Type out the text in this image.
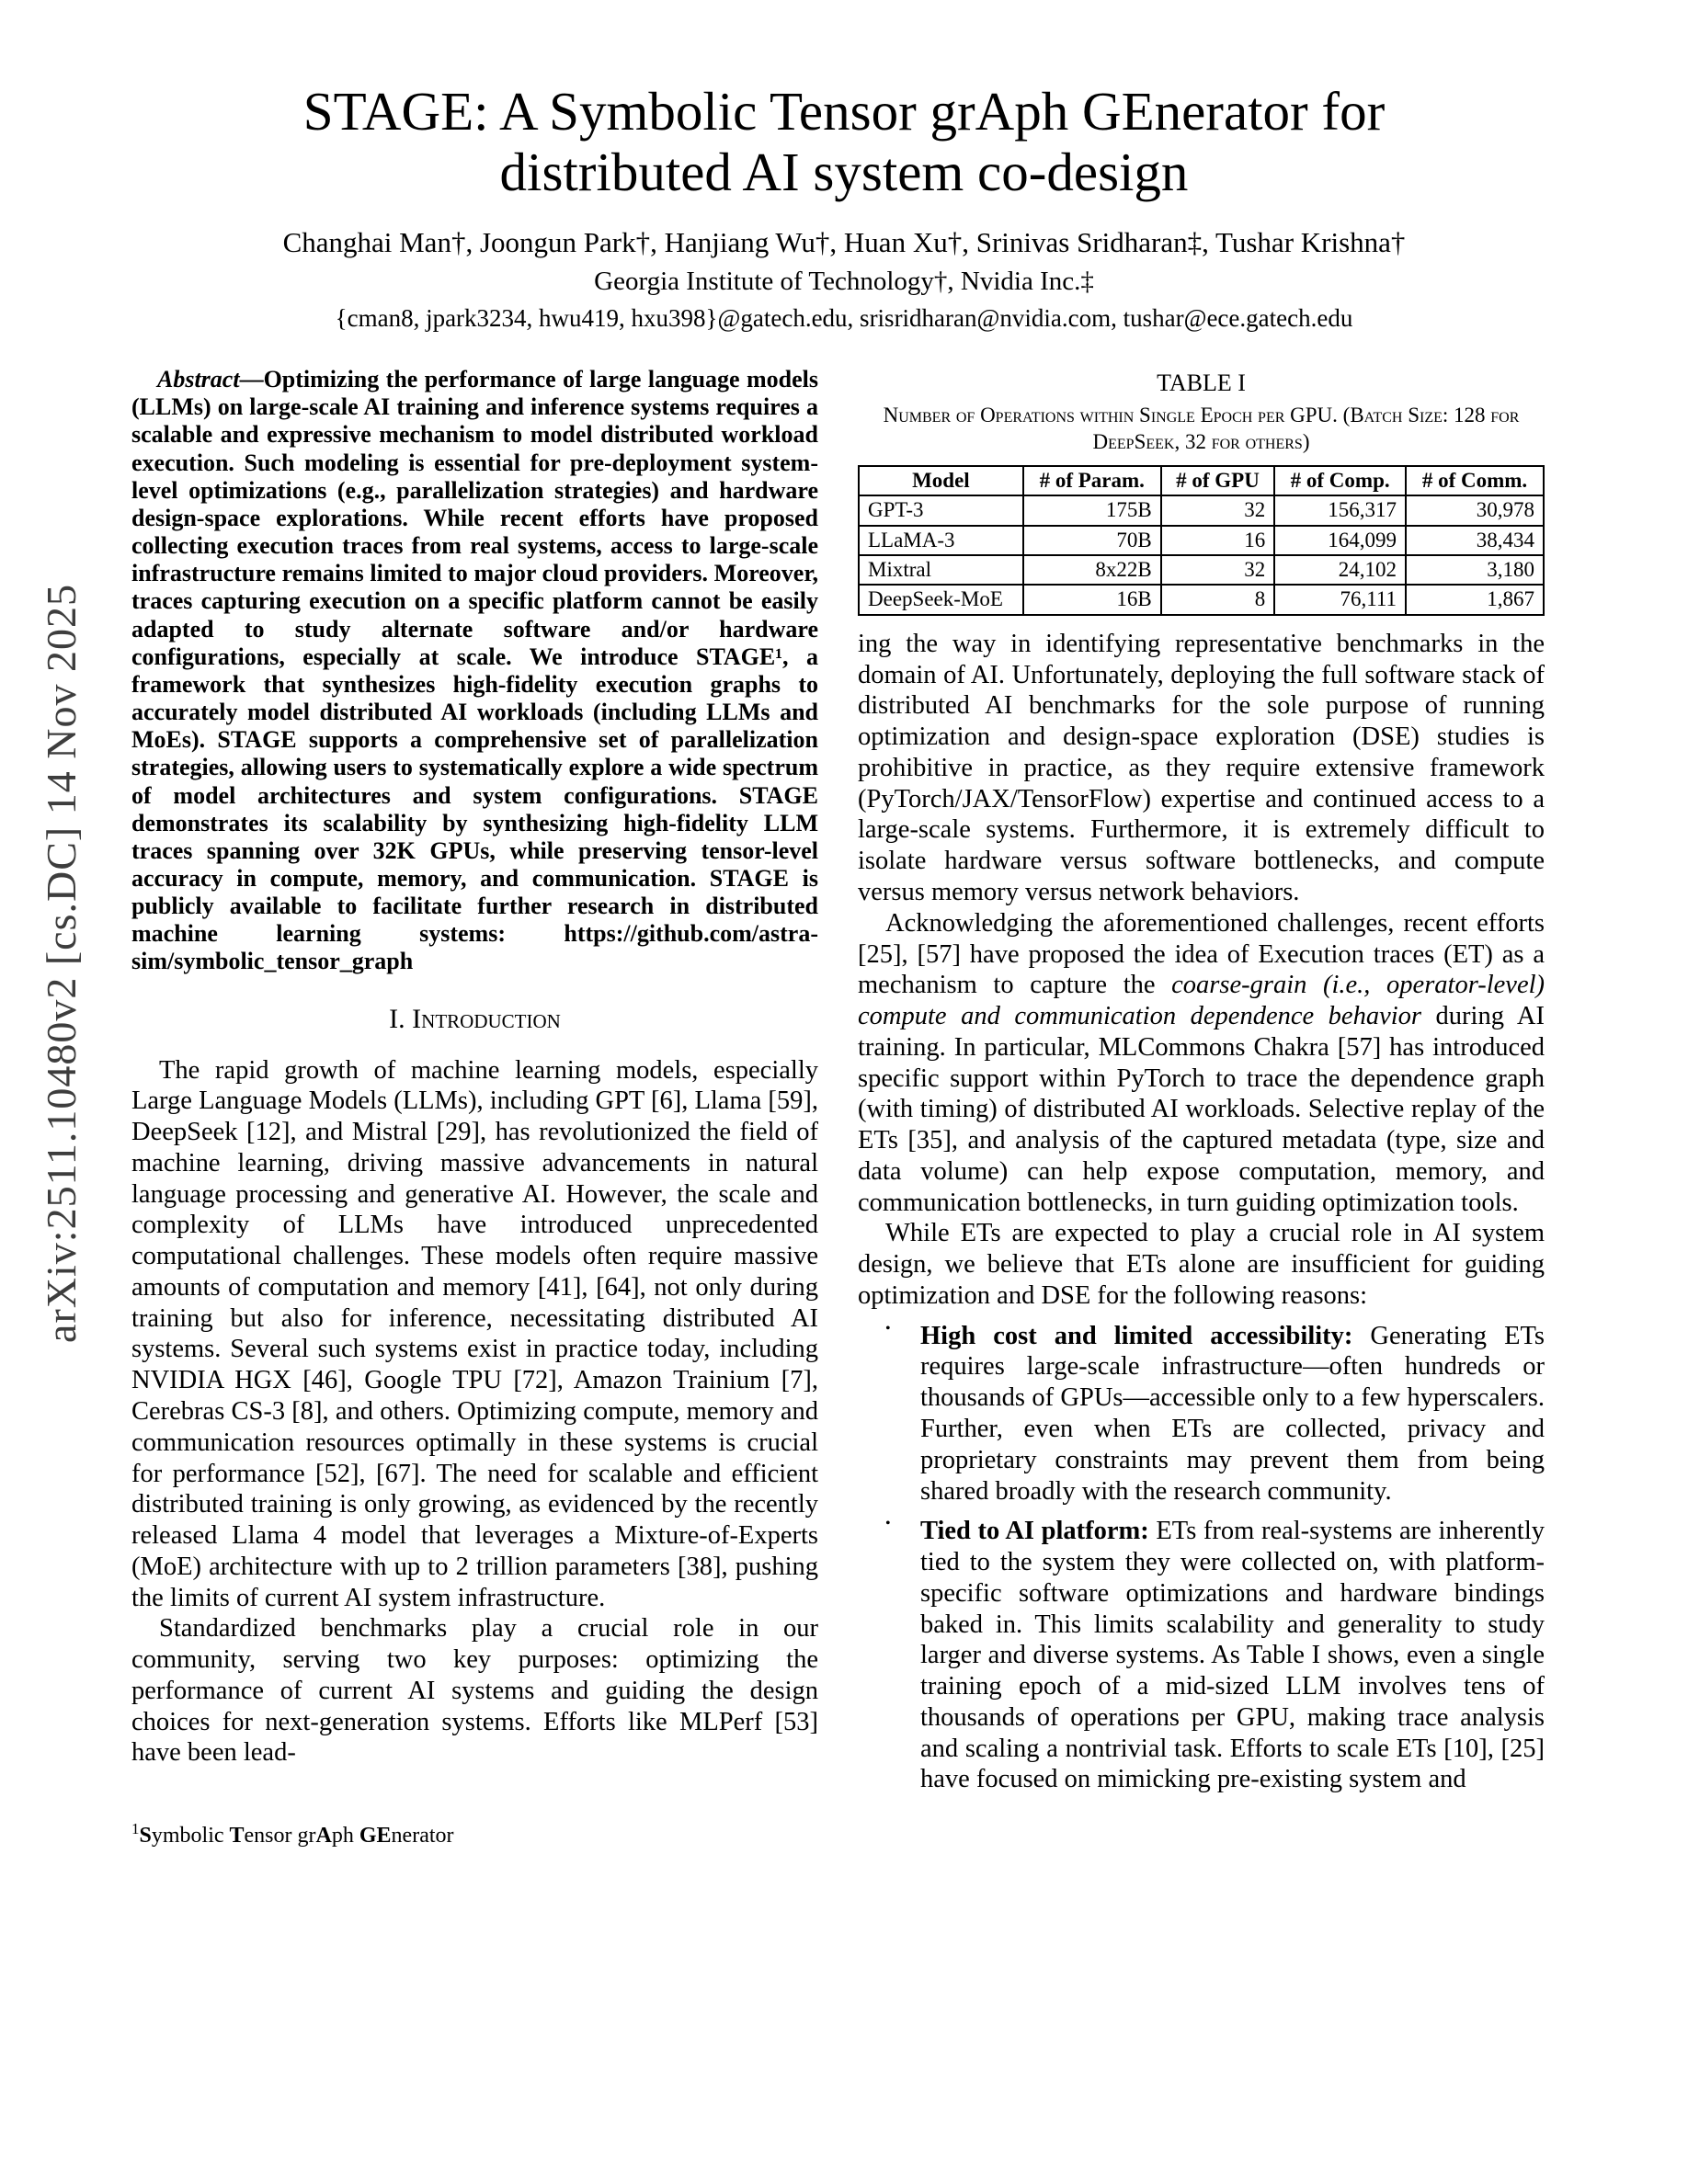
arXiv:2511.10480v2 [cs.DC] 14 Nov 2025
STAGE: A Symbolic Tensor grAph GEnerator for
distributed AI system co-design
Changhai Man†, Joongun Park†, Hanjiang Wu†, Huan Xu†, Srinivas Sridharan‡, Tushar Krishna†
Georgia Institute of Technology†, Nvidia Inc.‡
{cman8, jpark3234, hwu419, hxu398}@gatech.edu, srisridharan@nvidia.com, tushar@ece.gatech.edu

Abstract—Optimizing the performance of large language models (LLMs) on large-scale AI training and inference systems requires a scalable and expressive mechanism to model distributed workload execution. Such modeling is essential for pre-deployment system-level optimizations (e.g., parallelization strategies) and hardware design-space explorations. While recent efforts have proposed collecting execution traces from real systems, access to large-scale infrastructure remains limited to major cloud providers. Moreover, traces capturing execution on a specific platform cannot be easily adapted to study alternate software and/or hardware configurations, especially at scale. We introduce STAGE¹, a framework that synthesizes high-fidelity execution graphs to accurately model distributed AI workloads (including LLMs and MoEs). STAGE supports a comprehensive set of parallelization strategies, allowing users to systematically explore a wide spectrum of model architectures and system configurations. STAGE demonstrates its scalability by synthesizing high-fidelity LLM traces spanning over 32K GPUs, while preserving tensor-level accuracy in compute, memory, and communication. STAGE is publicly available to facilitate further research in distributed machine learning systems: https://github.com/astra-sim/symbolic_tensor_graph

I. Introduction

The rapid growth of machine learning models, especially Large Language Models (LLMs), including GPT [6], Llama [59], DeepSeek [12], and Mistral [29], has revolutionized the field of machine learning, driving massive advancements in natural language processing and generative AI. However, the scale and complexity of LLMs have introduced unprecedented computational challenges. These models often require massive amounts of computation and memory [41], [64], not only during training but also for inference, necessitating distributed AI systems. Several such systems exist in practice today, including NVIDIA HGX [46], Google TPU [72], Amazon Trainium [7], Cerebras CS-3 [8], and others. Optimizing compute, memory and communication resources optimally in these systems is crucial for performance [52], [67]. The need for scalable and efficient distributed training is only growing, as evidenced by the recently released Llama 4 model that leverages a Mixture-of-Experts (MoE) architecture with up to 2 trillion parameters [38], pushing the limits of current AI system infrastructure.

Standardized benchmarks play a crucial role in our community, serving two key purposes: optimizing the performance of current AI systems and guiding the design choices for next-generation systems. Efforts like MLPerf [53] have been lead-

$^1$Symbolic Tensor grAph GEnerator
TABLE I
Number of Operations within Single Epoch per GPU. (Batch Size: 128 for DeepSeek, 32 for others)
Model	# of Param.	# of GPU	# of Comp.	# of Comm.
GPT-3	175B	32	156,317	30,978
LLaMA-3	70B	16	164,099	38,434
Mixtral	8x22B	32	24,102	3,180
DeepSeek-MoE	16B	8	76,111	1,867

ing the way in identifying representative benchmarks in the domain of AI. Unfortunately, deploying the full software stack of distributed AI benchmarks for the sole purpose of running optimization and design-space exploration (DSE) studies is prohibitive in practice, as they require extensive framework (PyTorch/JAX/TensorFlow) expertise and continued access to a large-scale systems. Furthermore, it is extremely difficult to isolate hardware versus software bottlenecks, and compute versus memory versus network behaviors.

Acknowledging the aforementioned challenges, recent efforts [25], [57] have proposed the idea of Execution traces (ET) as a mechanism to capture the coarse-grain (i.e., operator-level) compute and communication dependence behavior during AI training. In particular, MLCommons Chakra [57] has introduced specific support within PyTorch to trace the dependence graph (with timing) of distributed AI workloads. Selective replay of the ETs [35], and analysis of the captured metadata (type, size and data volume) can help expose computation, memory, and communication bottlenecks, in turn guiding optimization tools.

While ETs are expected to play a crucial role in AI system design, we believe that ETs alone are insufficient for guiding optimization and DSE for the following reasons:

• High cost and limited accessibility: Generating ETs requires large-scale infrastructure—often hundreds or thousands of GPUs—accessible only to a few hyperscalers. Further, even when ETs are collected, privacy and proprietary constraints may prevent them from being shared broadly with the research community.

• Tied to AI platform: ETs from real-systems are inherently tied to the system they were collected on, with platform-specific software optimizations and hardware bindings baked in. This limits scalability and generality to study larger and diverse systems. As Table I shows, even a single training epoch of a mid-sized LLM involves tens of thousands of operations per GPU, making trace analysis and scaling a nontrivial task. Efforts to scale ETs [10], [25] have focused on mimicking pre-existing system and
